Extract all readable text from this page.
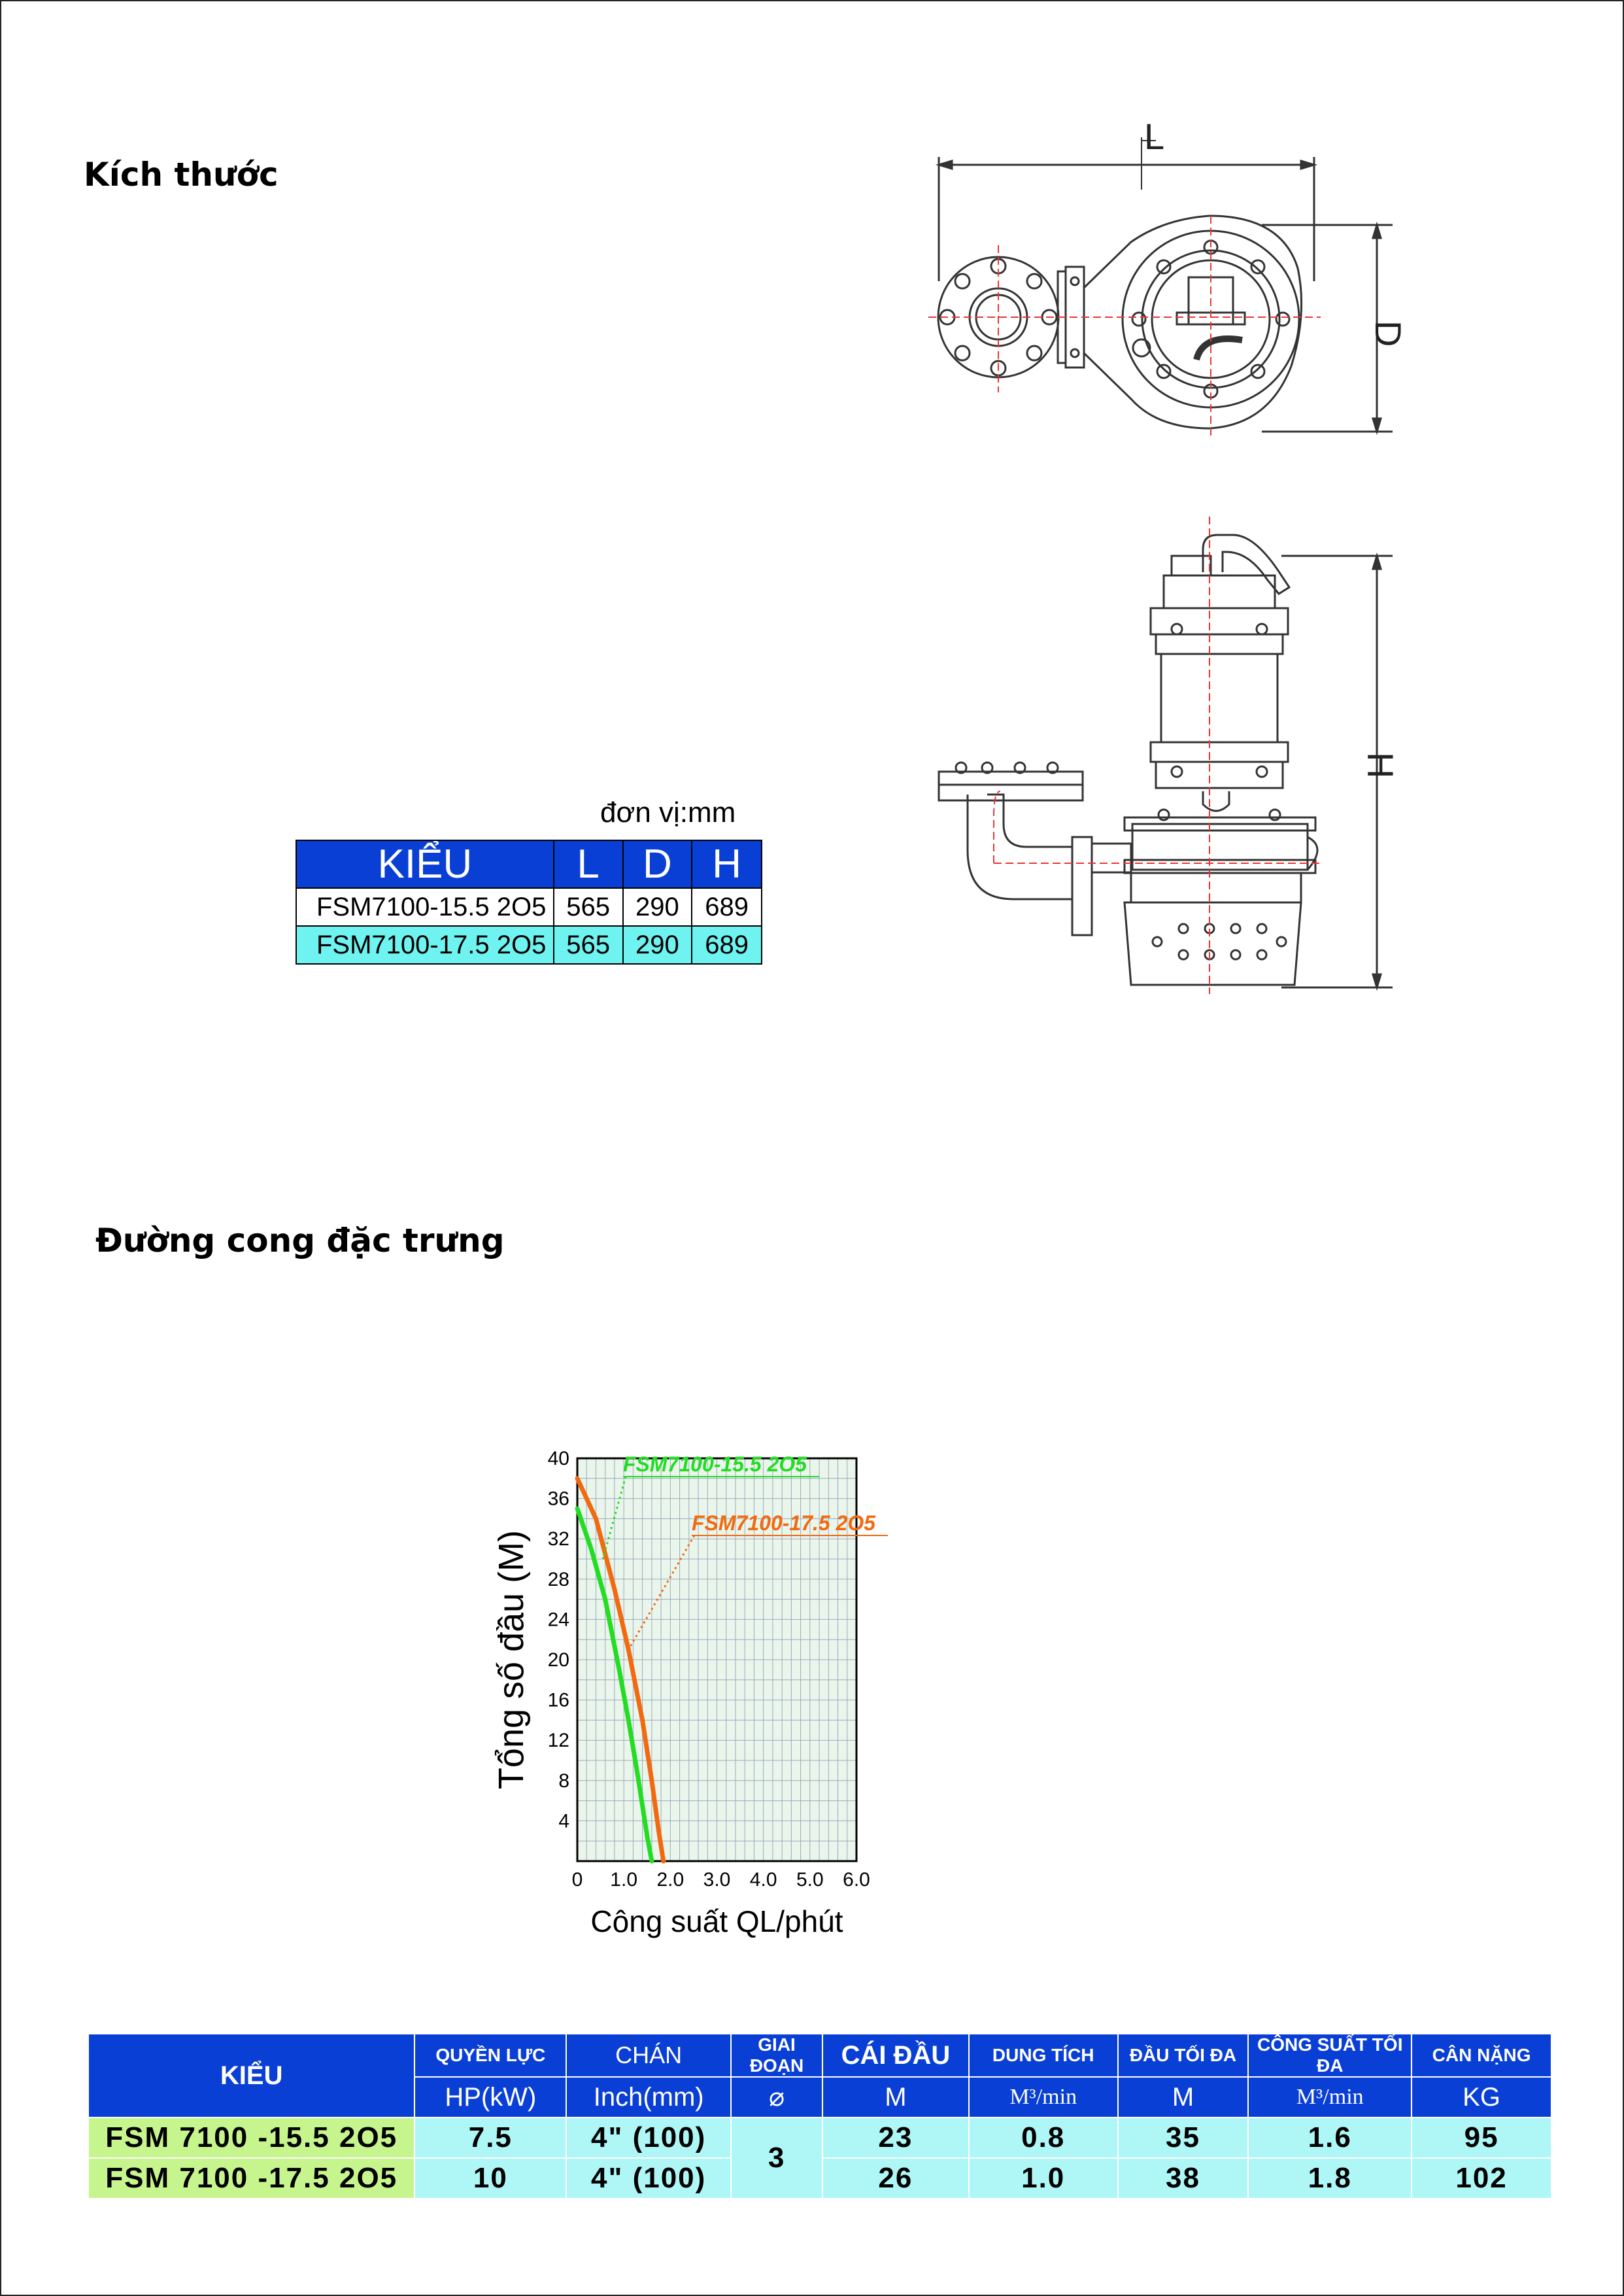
Kích thước
Đường cong đặc trưng
đơn vị:mm
KIỂU	L	D	H
FSM7100-15.5 2O5	565	290	689
FSM7100-17.5 2O5	565	290	689
L
D
H
4
8
12
16
20
24
28
32
36
40
0 1.0 2.0 3.0 4.0 5.0 6.0
FSM7100-15.5 2O5
FSM7100-17.5 2O5
Công suất QL/phút
Tổng số đầu (M)
KIỂU	QUYỀN LỰC	CHÁN	GIAI ĐOẠN	CÁI ĐẦU	DUNG TÍCH	ĐẦU TỐI ĐA	CÔNG SUẤT TỐI ĐA	CÂN NẶNG
	HP(kW)	Inch(mm)	⌀	M	M³/min	M	M³/min	KG
FSM 7100 -15.5 2O5	7.5	4" (100)	3	23	0.8	35	1.6	95
FSM 7100 -17.5 2O5	10	4" (100)		26	1.0	38	1.8	102
